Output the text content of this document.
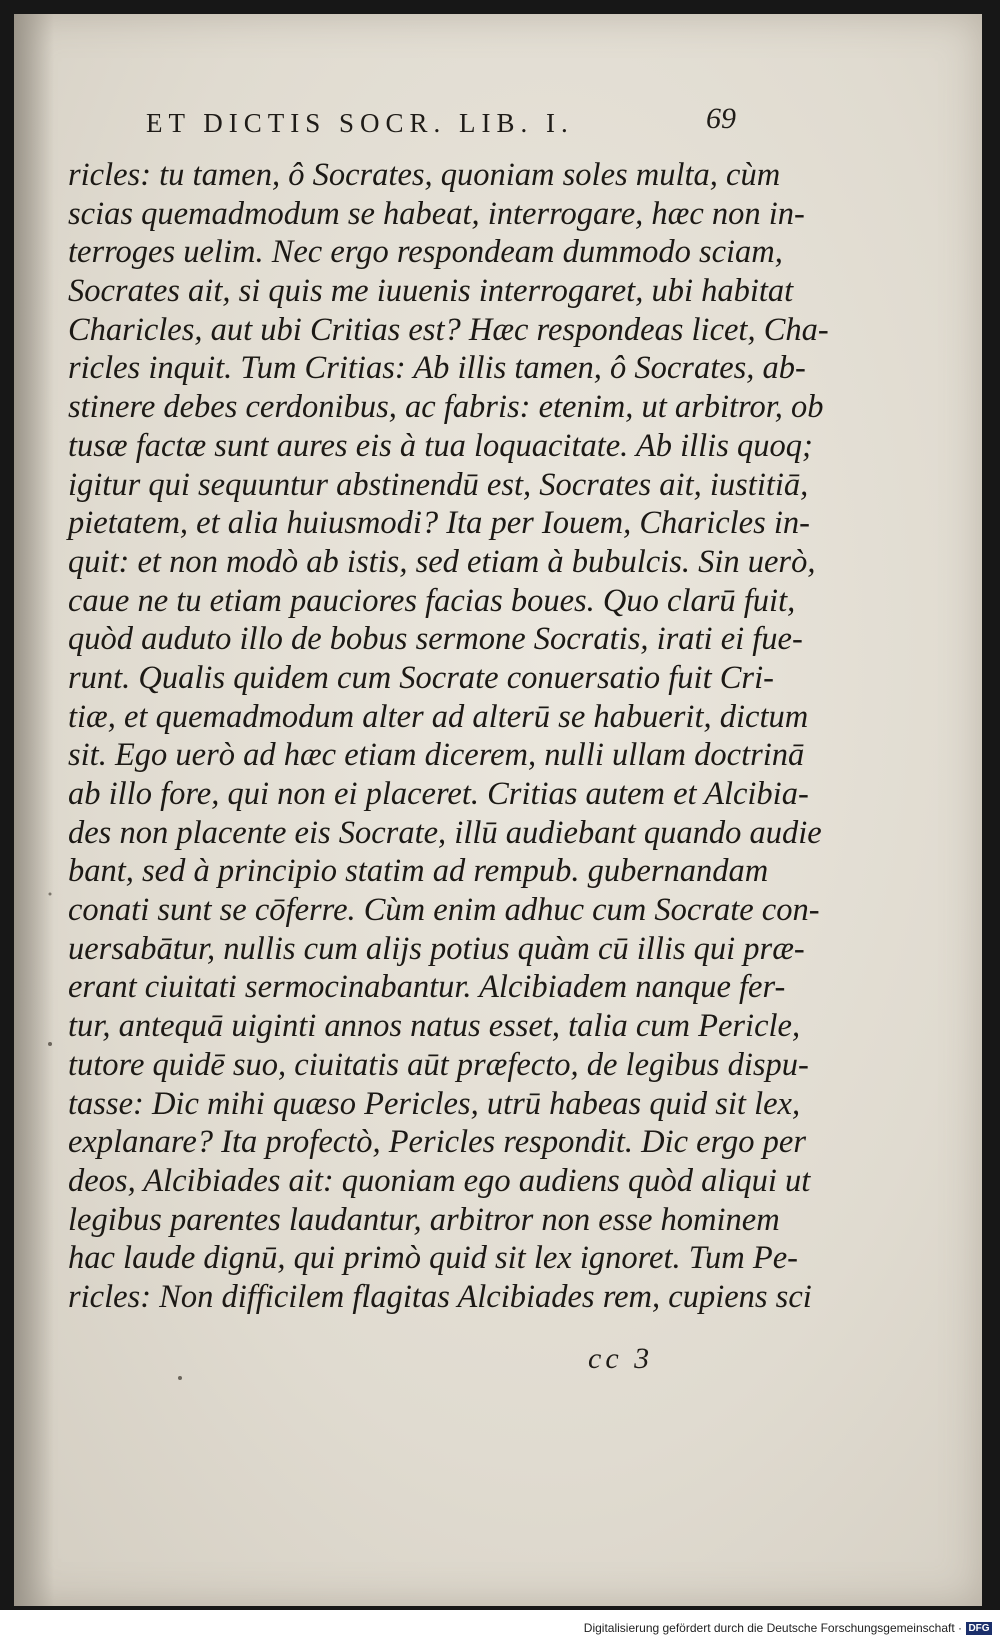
ET DICTIS SOCR. LIB. I.	69
ricles: tu tamen, ô Socrates, quoniam soles multa, cùm
scias quemadmodum se habeat, interrogare, hæc non in-
terroges uelim. Nec ergo respondeam dummodo sciam,
Socrates ait, si quis me iuuenis interrogaret, ubi habitat
Charicles, aut ubi Critias est? Hæc respondeas licet, Cha-
ricles inquit. Tum Critias: Ab illis tamen, ô Socrates, ab-
stinere debes cerdonibus, ac fabris: etenim, ut arbitror, ob
tusæ factæ sunt aures eis à tua loquacitate. Ab illis quoq;
igitur qui sequuntur abstinendū est, Socrates ait, iustitiā,
pietatem, et alia huiusmodi? Ita per Iouem, Charicles in-
quit: et non modò ab istis, sed etiam à bubulcis. Sin uerò,
caue ne tu etiam pauciores facias boues. Quo clarū fuit,
quòd auduto illo de bobus sermone Socratis, irati ei fue-
runt. Qualis quidem cum Socrate conuersatio fuit Cri-
tiæ, et quemadmodum alter ad alterū se habuerit, dictum
sit. Ego uerò ad hæc etiam dicerem, nulli ullam doctrinā
ab illo fore, qui non ei placeret. Critias autem et Alcibia-
des non placente eis Socrate, illū audiebant quando audie
bant, sed à principio statim ad rempub. gubernandam
conati sunt se cōferre. Cùm enim adhuc cum Socrate con-
uersabātur, nullis cum alijs potius quàm cū illis qui præ-
erant ciuitati sermocinabantur. Alcibiadem nanque fer-
tur, antequā uiginti annos natus esset, talia cum Pericle,
tutore quidē suo, ciuitatis aūt præfecto, de legibus dispu-
tasse: Dic mihi quæso Pericles, utrū habeas quid sit lex,
explanare? Ita profectò, Pericles respondit. Dic ergo per
deos, Alcibiades ait: quoniam ego audiens quòd aliqui ut
legibus parentes laudantur, arbitror non esse hominem
hac laude dignū, qui primò quid sit lex ignoret. Tum Pe-
ricles: Non difficilem flagitas Alcibiades rem, cupiens sci
cc 3
Digitalisierung gefördert durch die Deutsche Forschungsgemeinschaft · DFG
